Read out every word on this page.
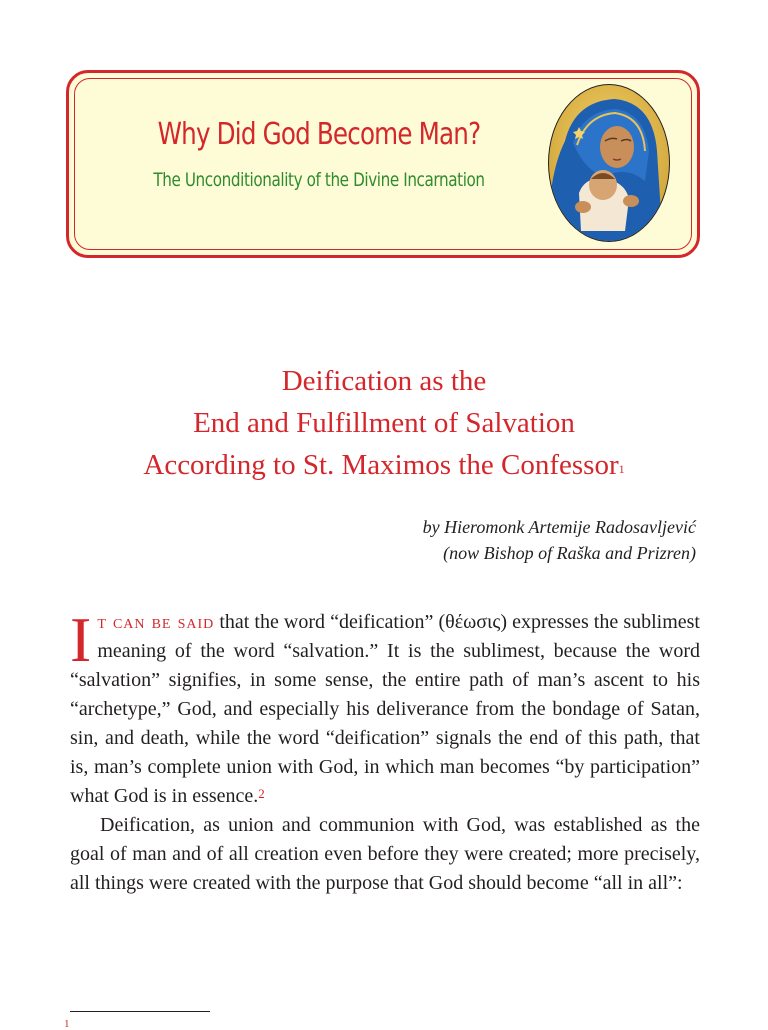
Why Did God Become Man?
The Unconditionality of the Divine Incarnation
Deification as the
End and Fulfillment of Salvation
According to St. Maximos the Confessor$^1$
by Hieromonk Artemije Radosavljević
(now Bishop of Raška and Prizren)

It can be said that the word “deification” (θέωσις) expresses the sublimest meaning of the word “salvation.” It is the sublimest, because the word “salvation” signifies, in some sense, the entire path of man’s ascent to his “archetype,” God, and especially his deliverance from the bondage of Satan, sin, and death, while the word “deification” signals the end of this path, that is, man’s complete union with God, in which man becomes “by participation” what God is in essence.$^2$

Deification, as union and communion with God, was established as the goal of man and of all creation even before they were created; more precisely, all things were created with the purpose that God should become “all in all”:

1
